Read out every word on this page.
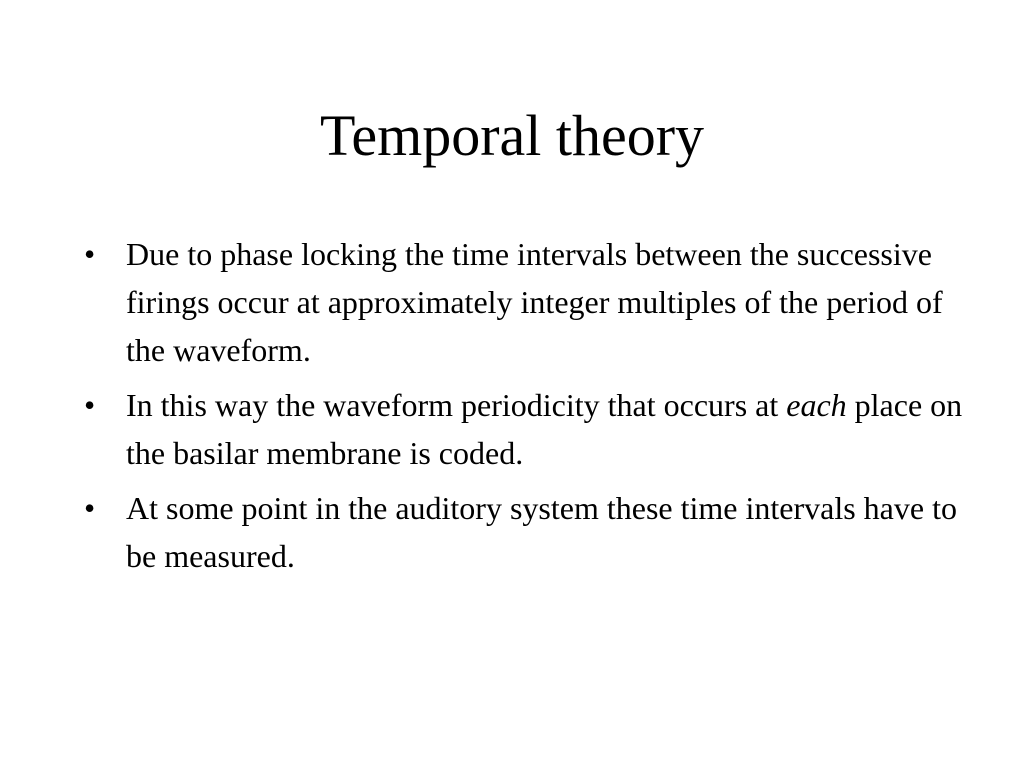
Temporal theory
• Due to phase locking the time intervals between the successive firings occur at approximately integer multiples of the period of the waveform.
• In this way the waveform periodicity that occurs at each place on the basilar membrane is coded.
• At some point in the auditory system these time intervals have to be measured.
